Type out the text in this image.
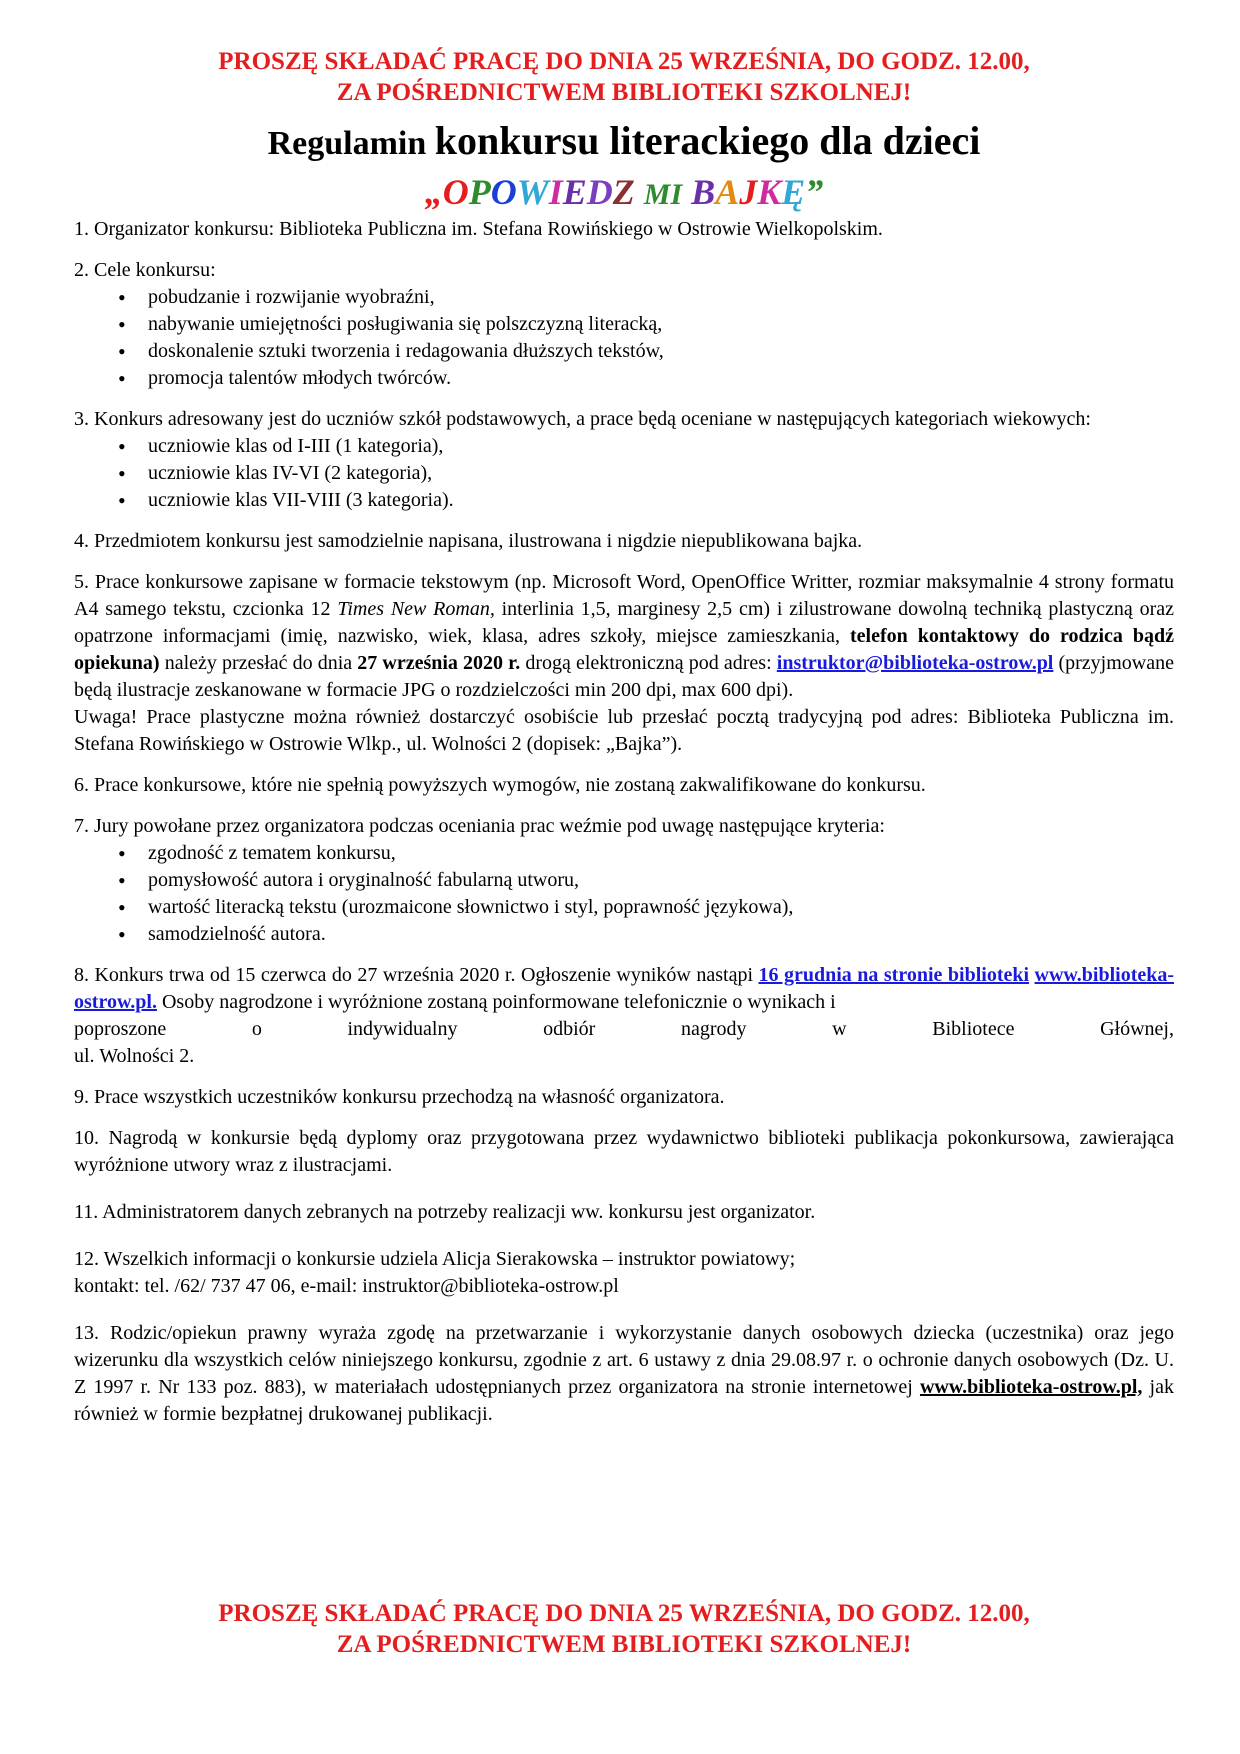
PROSZĘ SKŁADAĆ PRACĘ DO DNIA 25 WRZEŚNIA, DO GODZ. 12.00,
ZA POŚREDNICTWEM BIBLIOTEKI SZKOLNEJ!
Regulamin konkursu literackiego dla dzieci
„OPOWIEDZ MI BAJKĘ”

1. Organizator konkursu: Biblioteka Publiczna im. Stefana Rowińskiego w Ostrowie Wielkopolskim.

2. Cele konkursu:
• pobudzanie i rozwijanie wyobraźni,
• nabywanie umiejętności posługiwania się polszczyzną literacką,
• doskonalenie sztuki tworzenia i redagowania dłuższych tekstów,
• promocja talentów młodych twórców.
3. Konkurs adresowany jest do uczniów szkół podstawowych, a prace będą oceniane w następujących kategoriach wiekowych:
• uczniowie klas od I-III (1 kategoria),
• uczniowie klas IV-VI (2 kategoria),
• uczniowie klas VII-VIII (3 kategoria).

4. Przedmiotem konkursu jest samodzielnie napisana, ilustrowana i nigdzie niepublikowana bajka.

5. Prace konkursowe zapisane w formacie tekstowym (np. Microsoft Word, OpenOffice Writter, rozmiar maksymalnie 4 strony formatu A4 samego tekstu, czcionka 12 Times New Roman, interlinia 1,5, marginesy 2,5 cm) i zilustrowane dowolną techniką plastyczną oraz opatrzone informacjami (imię, nazwisko, wiek, klasa, adres szkoły, miejsce zamieszkania, telefon kontaktowy do rodzica bądź opiekuna) należy przesłać do dnia 27 września 2020 r. drogą elektroniczną pod adres: instruktor@biblioteka-ostrow.pl (przyjmowane będą ilustracje zeskanowane w formacie JPG o rozdzielczości min 200 dpi, max 600 dpi).
Uwaga! Prace plastyczne można również dostarczyć osobiście lub przesłać pocztą tradycyjną pod adres: Biblioteka Publiczna im. Stefana Rowińskiego w Ostrowie Wlkp., ul. Wolności 2 (dopisek: „Bajka”).

6. Prace konkursowe, które nie spełnią powyższych wymogów, nie zostaną zakwalifikowane do konkursu.

7. Jury powołane przez organizatora podczas oceniania prac weźmie pod uwagę następujące kryteria:
• zgodność z tematem konkursu,
• pomysłowość autora i oryginalność fabularną utworu,
• wartość literacką tekstu (urozmaicone słownictwo i styl, poprawność językowa),
• samodzielność autora.
8. Konkurs trwa od 15 czerwca do 27 września 2020 r. Ogłoszenie wyników nastąpi 16 grudnia na stronie biblioteki www.biblioteka-ostrow.pl. Osoby nagrodzone i wyróżnione zostaną poinformowane telefonicznie o wynikach i
poproszone	o	indywidualny	odbiór	nagrody	w	Bibliotece	Głównej,
ul. Wolności 2.

9. Prace wszystkich uczestników konkursu przechodzą na własność organizatora.

10. Nagrodą w konkursie będą dyplomy oraz przygotowana przez wydawnictwo biblioteki publikacja pokonkursowa, zawierająca wyróżnione utwory wraz z ilustracjami.

11. Administratorem danych zebranych na potrzeby realizacji ww. konkursu jest organizator.

12. Wszelkich informacji o konkursie udziela Alicja Sierakowska – instruktor powiatowy;
kontakt: tel. /62/ 737 47 06, e-mail: instruktor@biblioteka-ostrow.pl
13. Rodzic/opiekun prawny wyraża zgodę na przetwarzanie i wykorzystanie danych osobowych dziecka (uczestnika) oraz jego wizerunku dla wszystkich celów niniejszego konkursu, zgodnie z art. 6 ustawy z dnia 29.08.97 r. o ochronie danych osobowych (Dz. U. Z 1997 r. Nr 133 poz. 883), w materiałach udostępnianych przez organizatora na stronie internetowej www.biblioteka-ostrow.pl, jak również w formie bezpłatnej drukowanej publikacji.
PROSZĘ SKŁADAĆ PRACĘ DO DNIA 25 WRZEŚNIA, DO GODZ. 12.00,
ZA POŚREDNICTWEM BIBLIOTEKI SZKOLNEJ!
